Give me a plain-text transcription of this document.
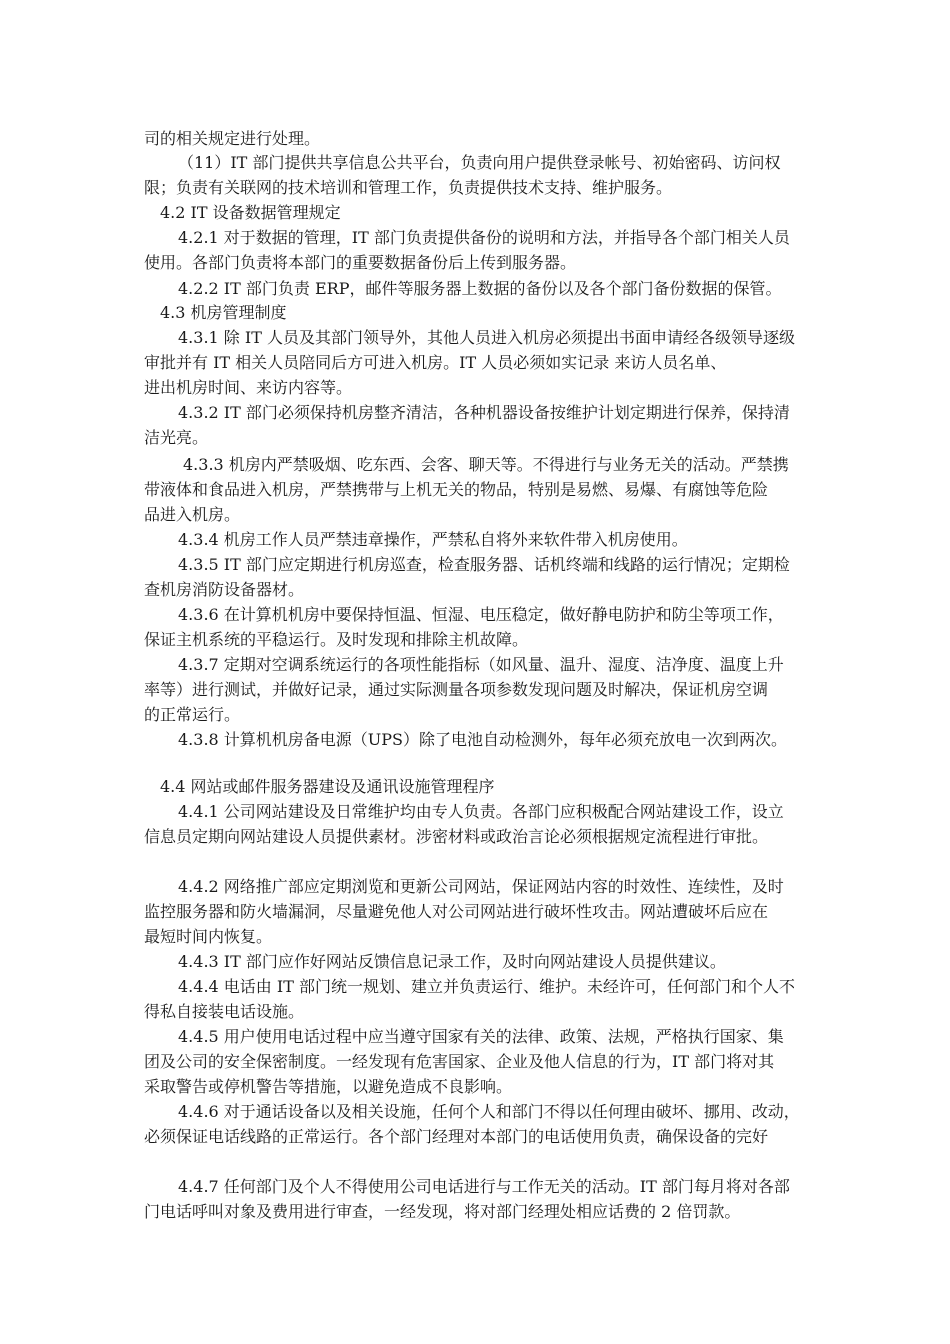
司的相关规定进行处理。
（11）IT 部门提供共享信息公共平台，负责向用户提供登录帐号、初始密码、访问权
限；负责有关联网的技术培训和管理工作，负责提供技术支持、维护服务。
4.2 IT 设备数据管理规定
4.2.1 对于数据的管理，IT 部门负责提供备份的说明和方法，并指导各个部门相关人员
使用。各部门负责将本部门的重要数据备份后上传到服务器。
4.2.2 IT 部门负责 ERP，邮件等服务器上数据的备份以及各个部门备份数据的保管。
4.3 机房管理制度
4.3.1 除 IT 人员及其部门领导外，其他人员进入机房必须提出书面申请经各级领导逐级
审批并有 IT 相关人员陪同后方可进入机房。IT 人员必须如实记录 来访人员名单、
进出机房时间、来访内容等。
4.3.2 IT 部门必须保持机房整齐清洁，各种机器设备按维护计划定期进行保养，保持清
洁光亮。
4.3.3 机房内严禁吸烟、吃东西、会客、聊天等。不得进行与业务无关的活动。严禁携
带液体和食品进入机房，严禁携带与上机无关的物品，特别是易燃、易爆、有腐蚀等危险
品进入机房。
4.3.4 机房工作人员严禁违章操作，严禁私自将外来软件带入机房使用。
4.3.5 IT 部门应定期进行机房巡查，检查服务器、话机终端和线路的运行情况；定期检
查机房消防设备器材。
4.3.6 在计算机机房中要保持恒温、恒湿、电压稳定，做好静电防护和防尘等项工作，
保证主机系统的平稳运行。及时发现和排除主机故障。
4.3.7 定期对空调系统运行的各项性能指标（如风量、温升、湿度、洁净度、温度上升
率等）进行测试，并做好记录，通过实际测量各项参数发现问题及时解决，保证机房空调
的正常运行。
4.3.8 计算机机房备电源（UPS）除了电池自动检测外，每年必须充放电一次到两次。
4.4 网站或邮件服务器建设及通讯设施管理程序
4.4.1 公司网站建设及日常维护均由专人负责。各部门应积极配合网站建设工作，设立
信息员定期向网站建设人员提供素材。涉密材料或政治言论必须根据规定流程进行审批。
4.4.2 网络推广部应定期浏览和更新公司网站，保证网站内容的时效性、连续性，及时
监控服务器和防火墙漏洞，尽量避免他人对公司网站进行破坏性攻击。网站遭破坏后应在
最短时间内恢复。
4.4.3 IT 部门应作好网站反馈信息记录工作，及时向网站建设人员提供建议。
4.4.4 电话由 IT 部门统一规划、建立并负责运行、维护。未经许可，任何部门和个人不
得私自接装电话设施。
4.4.5 用户使用电话过程中应当遵守国家有关的法律、政策、法规，严格执行国家、集
团及公司的安全保密制度。一经发现有危害国家、企业及他人信息的行为，IT 部门将对其
采取警告或停机警告等措施，以避免造成不良影响。
4.4.6 对于通话设备以及相关设施，任何个人和部门不得以任何理由破坏、挪用、改动，
必须保证电话线路的正常运行。各个部门经理对本部门的电话使用负责，确保设备的完好
4.4.7 任何部门及个人不得使用公司电话进行与工作无关的活动。IT 部门每月将对各部
门电话呼叫对象及费用进行审查，一经发现，将对部门经理处相应话费的 2 倍罚款。
